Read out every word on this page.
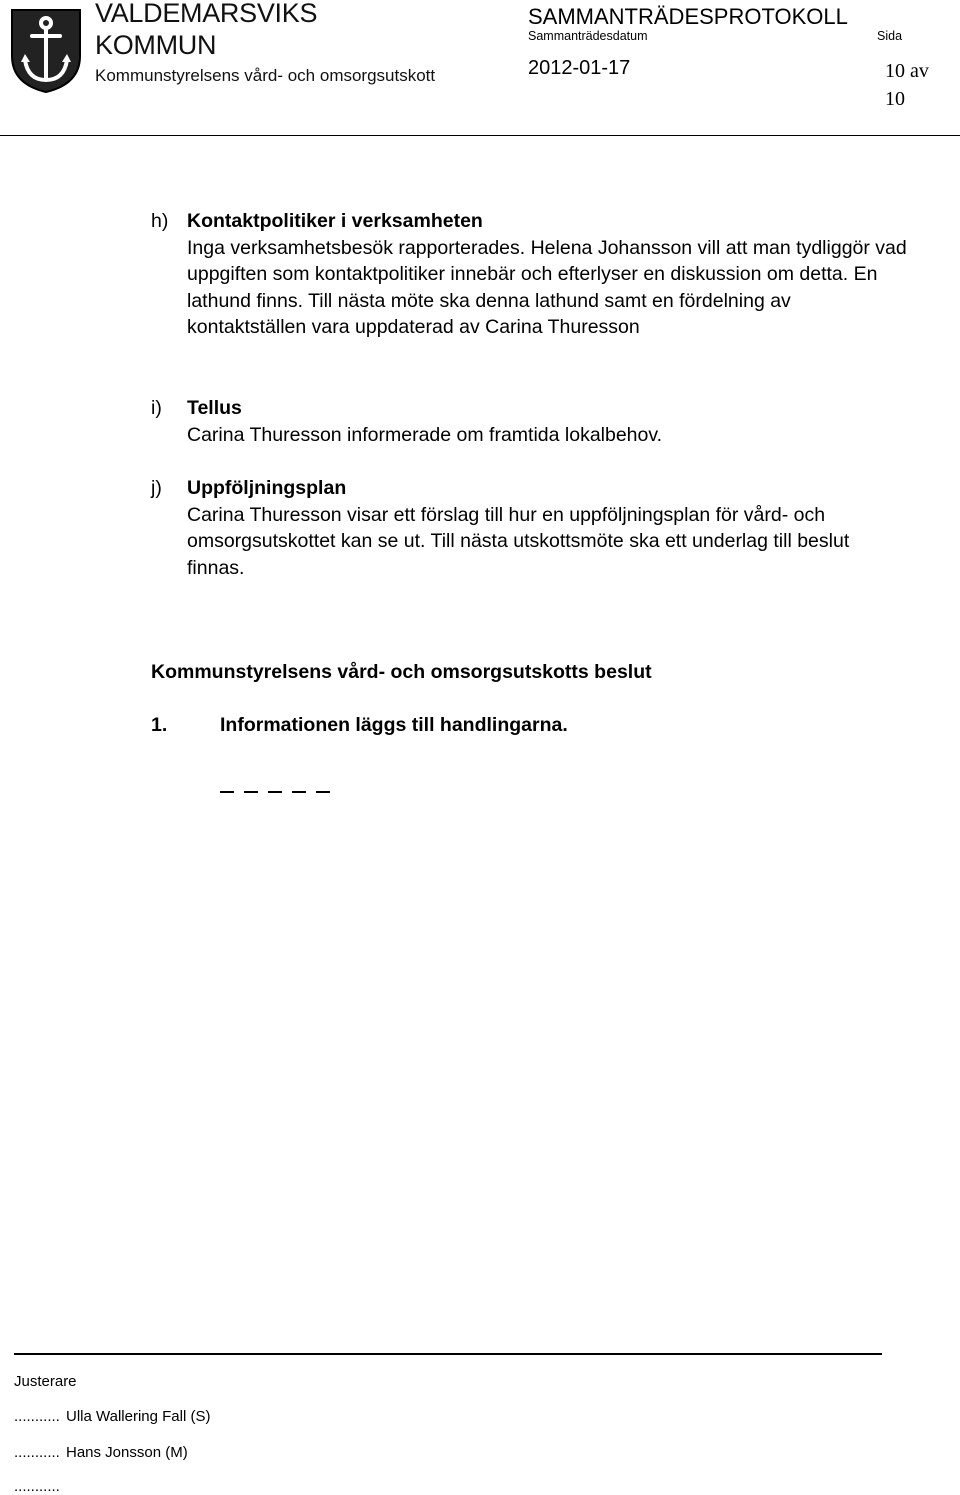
VALDEMARSVIKS
KOMMUN
Kommunstyrelsens vård- och omsorgsutskott
SAMMANTRÄDESPROTOKOLL
Sammanträdesdatum	Sida
2012-01-17	10 av 10
h) Kontaktpolitiker i verksamheten
Inga verksamhetsbesök rapporterades. Helena Johansson vill att man tydliggör vad uppgiften som kontaktpolitiker innebär och efterlyser en diskussion om detta. En lathund finns. Till nästa möte ska denna lathund samt en fördelning av kontaktställen vara uppdaterad av Carina Thuresson
i) Tellus
Carina Thuresson informerade om framtida lokalbehov.
j) Uppföljningsplan
Carina Thuresson visar ett förslag till hur en uppföljningsplan för vård- och omsorgsutskottet kan se ut. Till nästa utskottsmöte ska ett underlag till beslut finnas.
Kommunstyrelsens vård- och omsorgsutskotts beslut
1.	Informationen läggs till handlingarna.
Justerare
........... Ulla Wallering Fall (S)
........... Hans Jonsson (M)
...........
